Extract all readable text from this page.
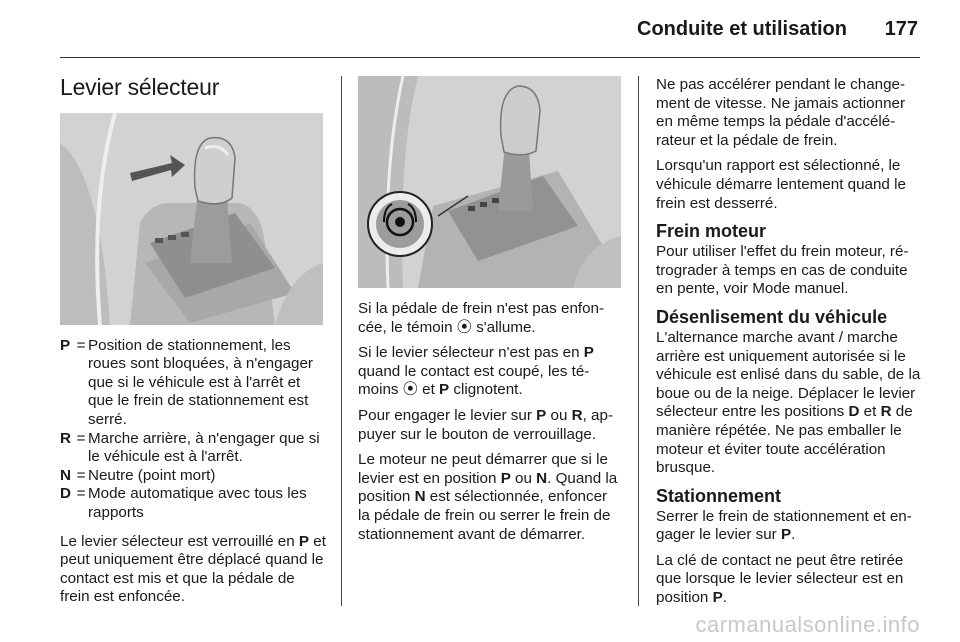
Conduite et utilisation 177
Levier sélecteur
P = Position de stationnement, les roues sont bloquées, à n'engager que si le véhicule est à l'arrêt et que le frein de stationnement est serré.
R = Marche arrière, à n'engager que si le véhicule est à l'arrêt.
N = Neutre (point mort)
D = Mode automatique avec tous les rapports

Le levier sélecteur est verrouillé en P et peut uniquement être déplacé quand le contact est mis et que la pédale de frein est enfoncée.

Si la pédale de frein n'est pas enfoncée, le témoin ⦿ s'allume.

Si le levier sélecteur n'est pas en P quand le contact est coupé, les témoins ⦿ et P clignotent.

Pour engager le levier sur P ou R, appuyer sur le bouton de verrouillage.

Le moteur ne peut démarrer que si le levier est en position P ou N. Quand la position N est sélectionnée, enfoncer la pédale de frein ou serrer le frein de stationnement avant de démarrer.

Ne pas accélérer pendant le changement de vitesse. Ne jamais actionner en même temps la pédale d'accélérateur et la pédale de frein.

Lorsqu'un rapport est sélectionné, le véhicule démarre lentement quand le frein est desserré.

Frein moteur

Pour utiliser l'effet du frein moteur, rétrograder à temps en cas de conduite en pente, voir Mode manuel.

Désenlisement du véhicule

L'alternance marche avant / marche arrière est uniquement autorisée si le véhicule est enlisé dans du sable, de la boue ou de la neige. Déplacer le levier sélecteur entre les positions D et R de manière répétée. Ne pas emballer le moteur et éviter toute accélération brusque.

Stationnement

Serrer le frein de stationnement et engager le levier sur P.

La clé de contact ne peut être retirée que lorsque le levier sélecteur est en position P.

carmanualsonline.info
